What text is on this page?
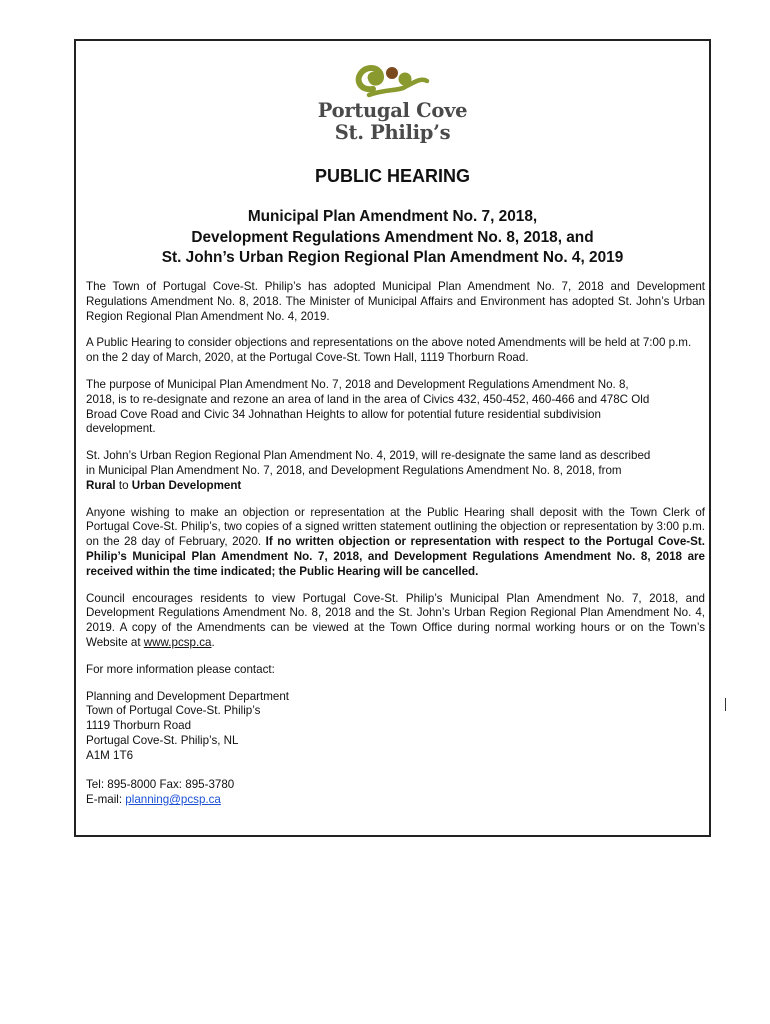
Portugal Cove
St. Philip’s
PUBLIC HEARING
Municipal Plan Amendment No. 7, 2018,
Development Regulations Amendment No. 8, 2018, and
St. John’s Urban Region Regional Plan Amendment No. 4, 2019

The Town of Portugal Cove-St. Philip’s has adopted Municipal Plan Amendment No. 7, 2018 and Development Regulations Amendment No. 8, 2018. The Minister of Municipal Affairs and Environment has adopted St. John’s Urban Region Regional Plan Amendment No. 4, 2019.

A Public Hearing to consider objections and representations on the above noted Amendments will be held at 7:00 p.m. on the 2 day of March, 2020, at the Portugal Cove-St. Town Hall, 1119 Thorburn Road.

The purpose of Municipal Plan Amendment No. 7, 2018 and Development Regulations Amendment No. 8,
2018, is to re-designate and rezone an area of land in the area of Civics 432, 450-452, 460-466 and 478C Old
Broad Cove Road and Civic 34 Johnathan Heights to allow for potential future residential subdivision
development.

St. John’s Urban Region Regional Plan Amendment No. 4, 2019, will re-designate the same land as described
in Municipal Plan Amendment No. 7, 2018, and Development Regulations Amendment No. 8, 2018, from
Rural to Urban Development

Anyone wishing to make an objection or representation at the Public Hearing shall deposit with the Town Clerk of Portugal Cove-St. Philip’s, two copies of a signed written statement outlining the objection or representation by 3:00 p.m. on the 28 day of February, 2020. If no written objection or representation with respect to the Portugal Cove-St. Philip’s Municipal Plan Amendment No. 7, 2018, and Development Regulations Amendment No. 8, 2018 are received within the time indicated; the Public Hearing will be cancelled.

Council encourages residents to view Portugal Cove-St. Philip’s Municipal Plan Amendment No. 7, 2018, and Development Regulations Amendment No. 8, 2018 and the St. John’s Urban Region Regional Plan Amendment No. 4, 2019. A copy of the Amendments can be viewed at the Town Office during normal working hours or on the Town’s Website at www.pcsp.ca.

For more information please contact:

Planning and Development Department
Town of Portugal Cove-St. Philip’s
1119 Thorburn Road
Portugal Cove-St. Philip’s, NL
A1M 1T6
Tel: 895-8000 Fax: 895-3780
E-mail: planning@pcsp.ca
